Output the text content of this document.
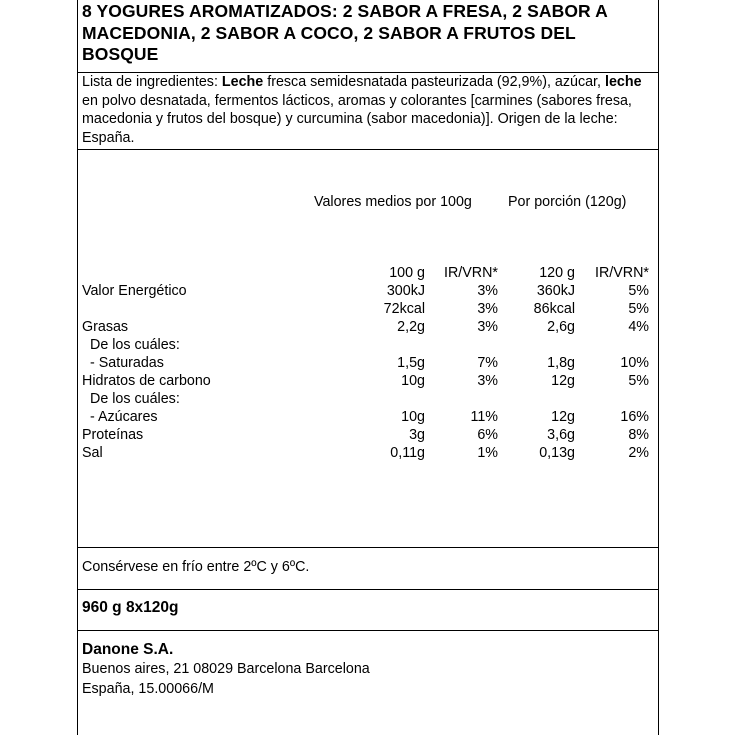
8 YOGURES AROMATIZADOS: 2 SABOR A FRESA, 2 SABOR A MACEDONIA, 2 SABOR A COCO, 2 SABOR A FRUTOS DEL BOSQUE
Lista de ingredientes: Leche fresca semidesnatada pasteurizada (92,9%), azúcar, leche en polvo desnatada, fermentos lácticos, aromas y colorantes [carmines (sabores fresa, macedonia y frutos del bosque) y curcumina (sabor macedonia)]. Origen de la leche: España.
Valores medios por 100g	Por porción (120g)
100 g	IR/VRN*	120 g	IR/VRN*
Valor Energético	300kJ	3%	360kJ	5%
72kcal	3%	86kcal	5%
Grasas	2,2g	3%	2,6g	4%
De los cuáles:
- Saturadas	1,5g	7%	1,8g	10%
Hidratos de carbono	10g	3%	12g	5%
De los cuáles:
- Azúcares	10g	11%	12g	16%
Proteínas	3g	6%	3,6g	8%
Sal	0,11g	1%	0,13g	2%
Consérvese en frío entre 2ºC y 6ºC.
960 g 8x120g
Danone S.A.
Buenos aires, 21 08029 Barcelona Barcelona
España, 15.00066/M
